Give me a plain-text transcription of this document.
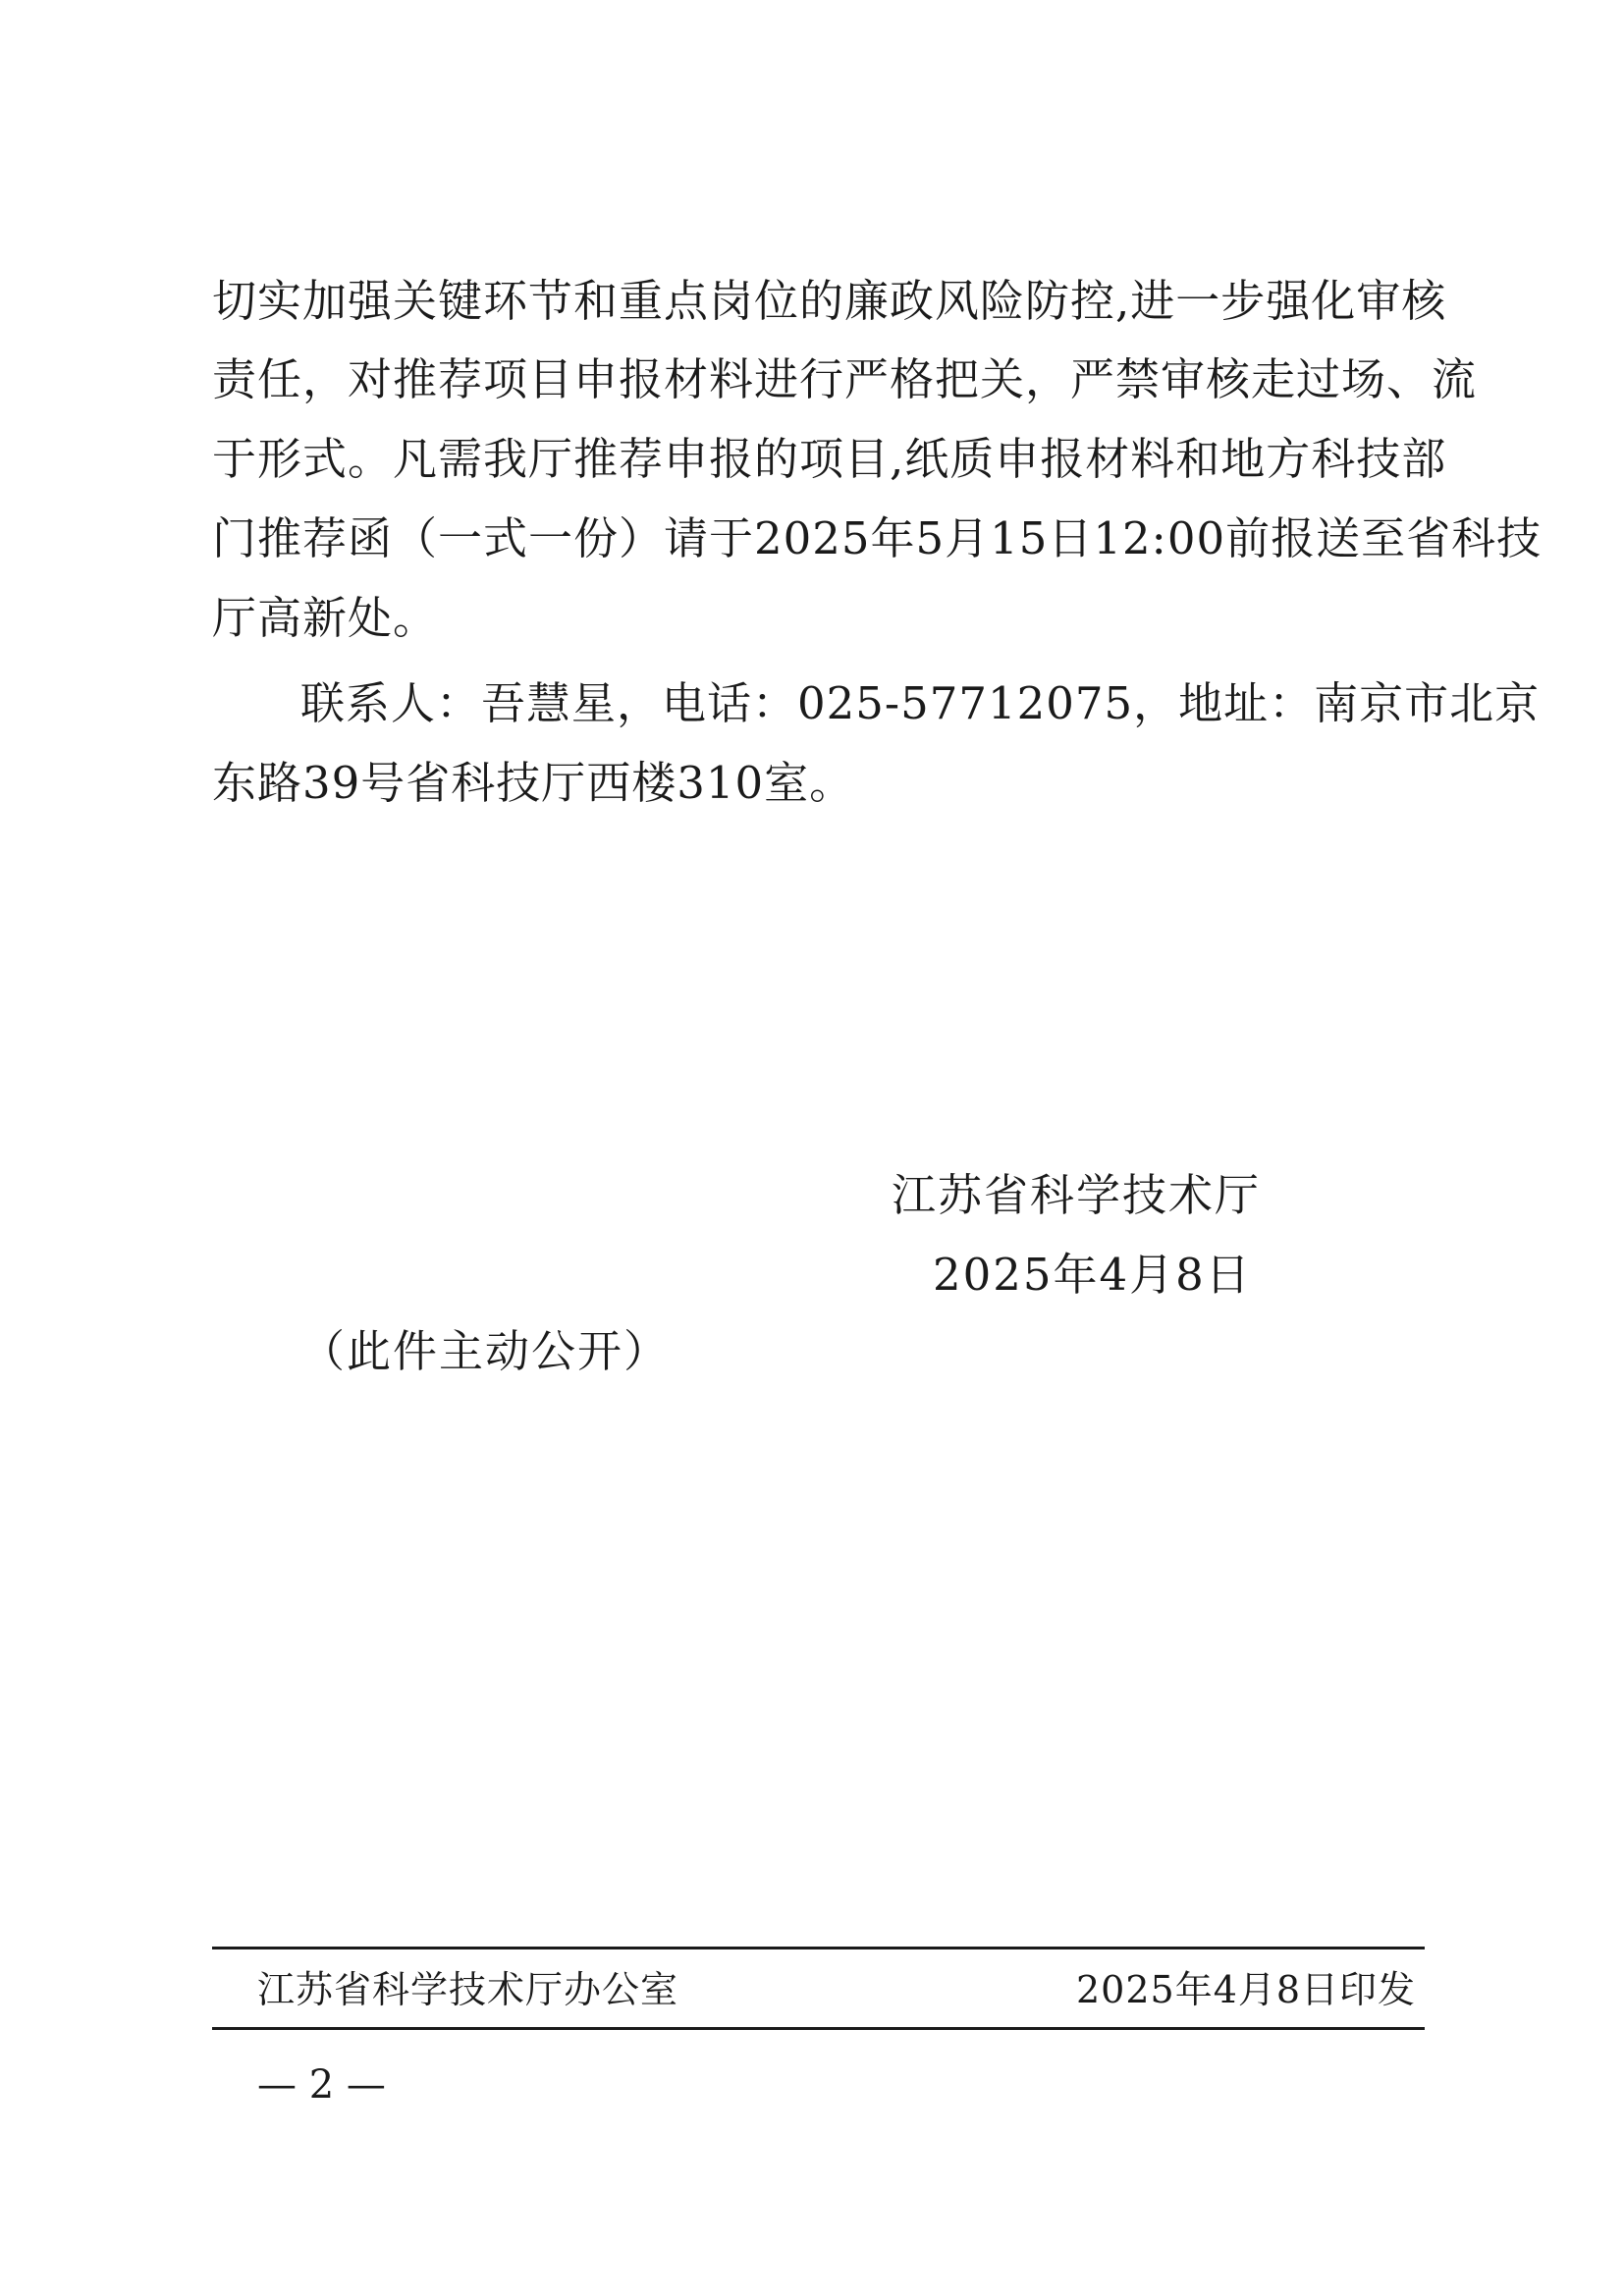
切实加强关键环节和重点岗位的廉政风险防控,进一步强化审核
责任，对推荐项目申报材料进行严格把关，严禁审核走过场、流
于形式。凡需我厅推荐申报的项目,纸质申报材料和地方科技部
门推荐函（一式一份）请于2025年5月15日12:00前报送至省科技
厅高新处。
联系人：吾慧星，电话：025-57712075，地址：南京市北京
东路39号省科技厅西楼310室。
江苏省科学技术厅
2025年4月8日
（此件主动公开）
江苏省科学技术厅办公室	2025年4月8日印发
— 2 —
